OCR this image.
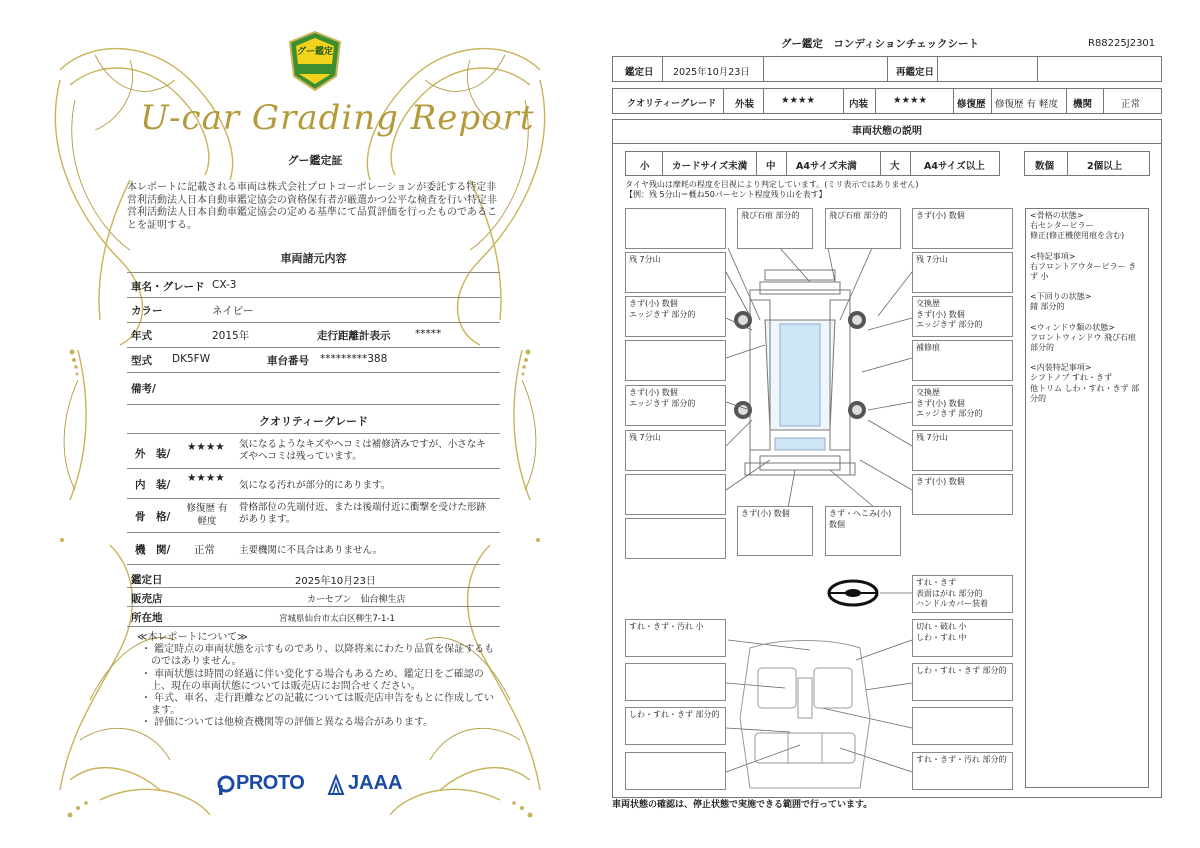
グー鑑定
U-car Grading Report
グー鑑定証
本レポートに記載される車両は株式会社プロトコーポレーションが委託する特定非営利活動法人日本自動車鑑定協会の資格保有者が厳選かつ公平な検査を行い特定非営利活動法人日本自動車鑑定協会の定める基準にて品質評価を行ったものであることを証明する。
車両諸元内容
車名・グレード CX-3
カラー	ネイビー
年式	2015年	走行距離計表示 *****
型式 DK5FW	車台番号 *********388
備考/
クオリティーグレード
外　装/
★★★★ 気になるようなキズやヘコミは補修済みですが、小さなキズやヘコミは残っています。
内　装/
★★★★
気になる汚れが部分的にあります。
骨　格/
修復歴 有軽度
骨格部位の先端付近、または後端付近に衝撃を受けた形跡があります。
機　関/ 正常	主要機関に不具合はありません。
鑑定日	2025年10月23日
販売店	カーセブン　仙台柳生店
所在地	宮城県仙台市太白区柳生7-1-1
≪本レポートについて≫
・ 鑑定時点の車両状態を示すものであり、以降将来にわたり品質を保証するものではありません。
・ 車両状態は時間の経過に伴い変化する場合もあるため、鑑定日をご確認の上、現在の車両状態については販売店にお問合せください。
・ 年式、車名、走行距離などの記載については販売店申告をもとに作成しています。
・ 評価については他検査機関等の評価と異なる場合があります。
PROTO JAAA
グー鑑定　コンディションチェックシート	R88225J2301
鑑定日 2025年10月23日	再鑑定日
クオリティーグレード 外装	★★★★	内装	★★★★	修復歴 修復歴 有 軽度 機関	正常
車両状態の説明
小 カードサイズ未満 中 A4サイズ未満	大	A4サイズ以上	数個	2個以上
タイヤ残山は摩耗の程度を目視により判定しています。(ミリ表示ではありません)
【例：残 5分山＝概ね50パーセント程度残り山を表す】
飛び石痕 部分的	飛び石痕 部分的	きず(小) 数個
残 7分山	残 7分山
きず(小) 数個
エッジきず 部分的
交換歴
きず(小) 数個
エッジきず 部分的
補修痕
きず(小) 数個
エッジきず 部分的
交換歴
きず(小) 数個
エッジきず 部分的
残 7分山	残 7分山
きず(小) 数個
きず(小) 数個	きず・へこみ(小) 数個
すれ・きず
表面はがれ 部分的
ハンドルカバー装着
すれ・きず・汚れ 小	切れ・破れ 小
しわ・すれ 中
しわ・すれ・きず 部分的
しわ・すれ・きず 部分的
すれ・きず・汚れ 部分的
<骨格の状態>
右センターピラー
修正(修正機使用痕を含む)
<特記事項>
右フロントアウターピラー きず 小
<下回りの状態>
錆 部分的
<ウィンドウ類の状態>
フロントウィンドウ 飛び石痕 部分的
<内装特記事項>
シフトノブ すれ・きず
他トリム しわ・すれ・きず 部分的
車両状態の確認は、停止状態で実施できる範囲で行っています。
